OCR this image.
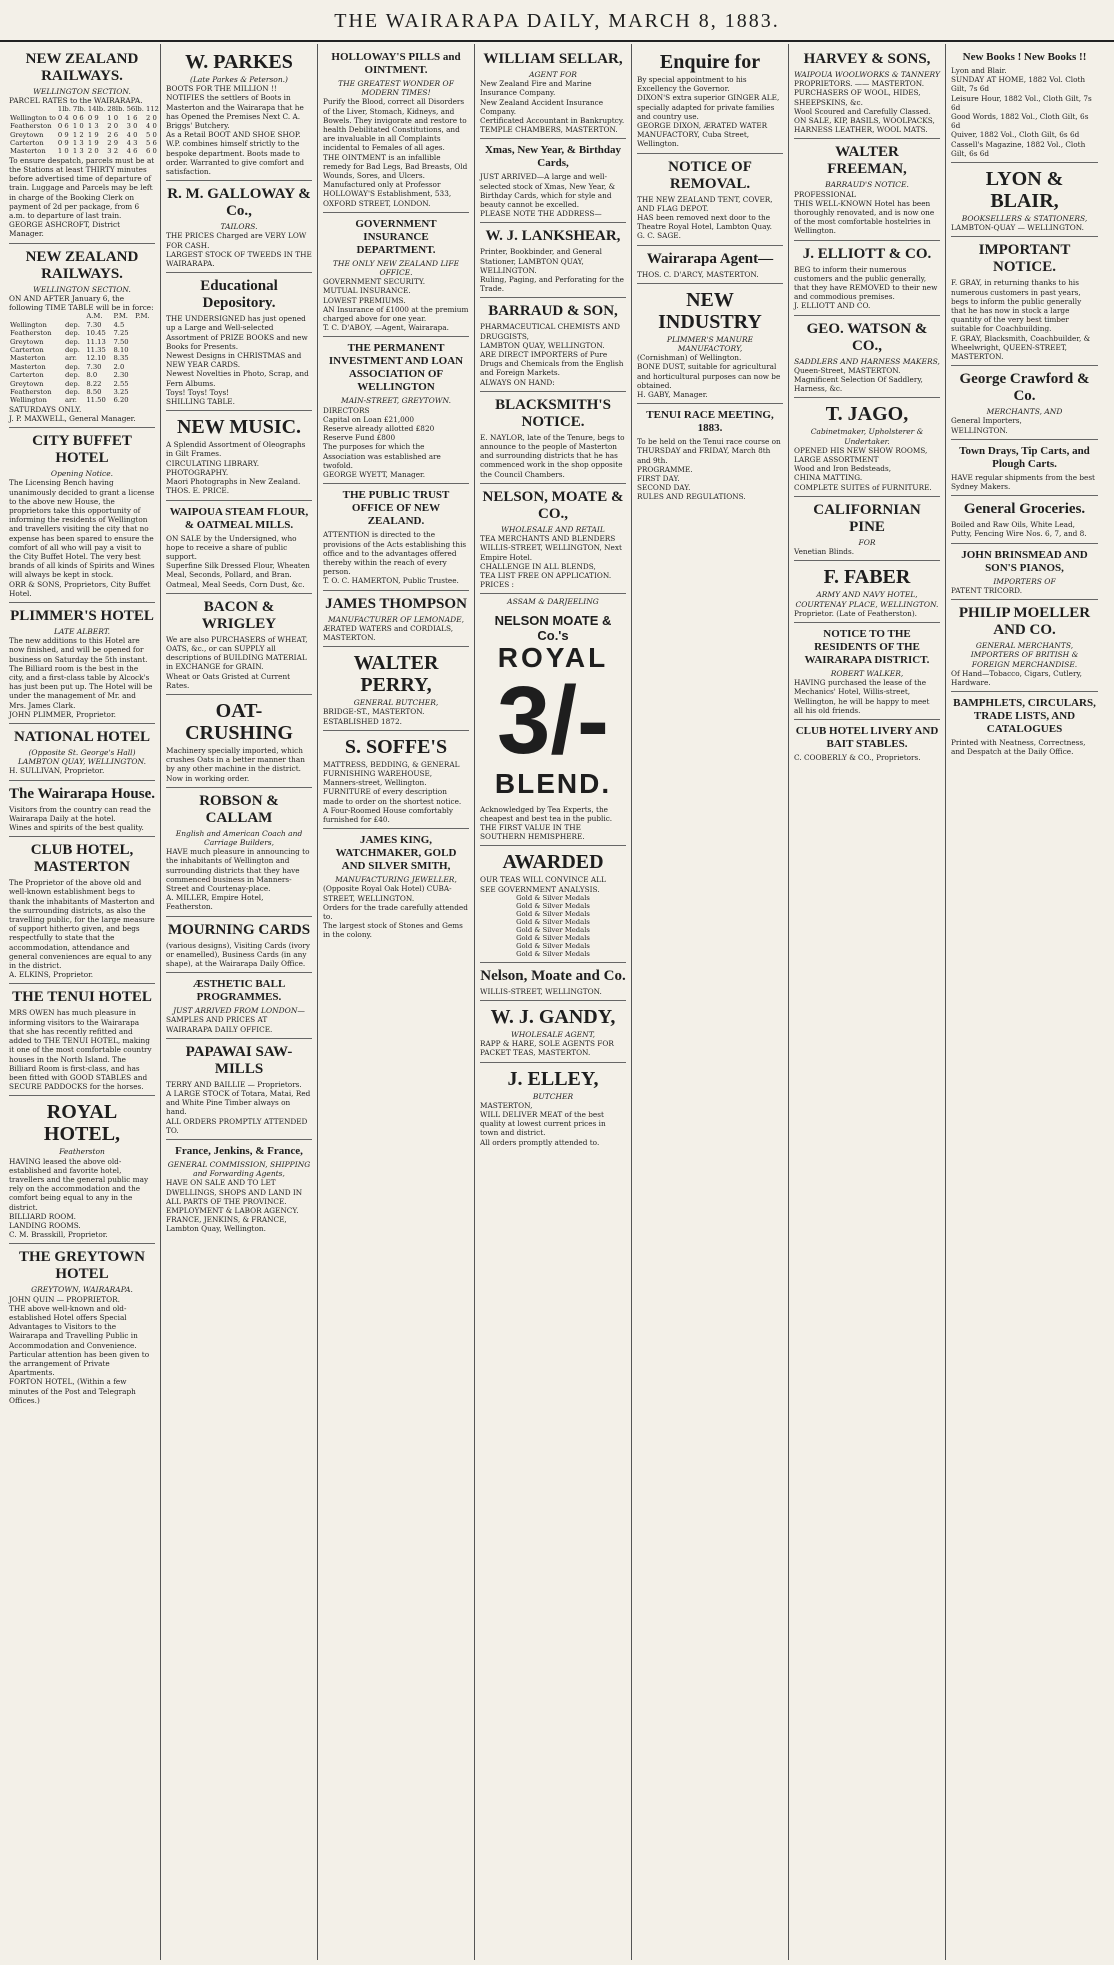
THE WAIRARAPA DAILY, MARCH 8, 1883.
NEW ZEALAND RAILWAYS.
WELLINGTON SECTION.
PARCEL RATES to the WAIRARAPA.
	1lb.	7lb.	14lb.	28lb.	56lb.	112
Wellington to	0 4	0 6	0 9	1 0	1 6	2 0
Featherston	0 6	1 0	1 3	2 0	3 0	4 0
Greytown	0 9	1 2	1 9	2 6	4 0	5 0
Carterton	0 9	1 3	1 9	2 9	4 3	5 6
Masterton	1 0	1 3	2 0	3 2	4 6	6 0
To ensure despatch, parcels must be at the Stations at least THIRTY minutes before advertised time of departure of train. Luggage and Parcels may be left in charge of the Booking Clerk on payment of 2d per package, from 6 a.m. to departure of last train.
GEORGE ASHCROFT, District Manager.
NEW ZEALAND RAILWAYS.
WELLINGTON SECTION.
ON AND AFTER January 6, the following TIME TABLE will be in force:
		A.M.	P.M.	P.M.
Wellington	dep.	7.30	4.5	
Featherston	dep.	10.45	7.25	
Greytown	dep.	11.13	7.50	
Carterton	dep.	11.35	8.10	
Masterton	arr.	12.10	8.35	
Masterton	dep.	7.30	2.0	
Carterton	dep.	8.0	2.30	
Greytown	dep.	8.22	2.55	
Featherston	dep.	8.50	3.25	
Wellington	arr.	11.50	6.20	
SATURDAYS ONLY.
J. P. MAXWELL, General Manager.
CITY BUFFET HOTEL
Opening Notice.
The Licensing Bench having unanimously decided to grant a license to the above new House, the proprietors take this opportunity of informing the residents of Wellington and travellers visiting the city that no expense has been spared to ensure the comfort of all who will pay a visit to the City Buffet Hotel. The very best brands of all kinds of Spirits and Wines will always be kept in stock.
ORR & SONS, Proprietors, City Buffet Hotel.
PLIMMER'S HOTEL
LATE ALBERT.
The new additions to this Hotel are now finished, and will be opened for business on Saturday the 5th instant.
The Billiard room is the best in the city, and a first-class table by Alcock's has just been put up. The Hotel will be under the management of Mr. and Mrs. James Clark.
JOHN PLIMMER, Proprietor.
NATIONAL HOTEL
(Opposite St. George's Hall) LAMBTON QUAY, WELLINGTON.
H. SULLIVAN, Proprietor.
The Wairarapa House.
Visitors from the country can read the Wairarapa Daily at the hotel.
Wines and spirits of the best quality.
CLUB HOTEL, MASTERTON
The Proprietor of the above old and well-known establishment begs to thank the inhabitants of Masterton and the surrounding districts, as also the travelling public, for the large measure of support hitherto given, and begs respectfully to state that the accommodation, attendance and general conveniences are equal to any in the district.
A. ELKINS, Proprietor.
THE TENUI HOTEL
MRS OWEN has much pleasure in informing visitors to the Wairarapa that she has recently refitted and added to THE TENUI HOTEL, making it one of the most comfortable country houses in the North Island. The Billiard Room is first-class, and has been fitted with GOOD STABLES and SECURE PADDOCKS for the horses.
ROYAL HOTEL,
Featherston
HAVING leased the above old-established and favorite hotel, travellers and the general public may rely on the accommodation and the comfort being equal to any in the district.
BILLIARD ROOM.
LANDING ROOMS.
C. M. Brasskill, Proprietor.
THE GREYTOWN HOTEL
GREYTOWN, WAIRARAPA.
JOHN QUIN — PROPRIETOR.
THE above well-known and old-established Hotel offers Special Advantages to Visitors to the Wairarapa and Travelling Public in Accommodation and Convenience. Particular attention has been given to the arrangement of Private Apartments.
FORTON HOTEL, (Within a few minutes of the Post and Telegraph Offices.)
W. PARKES
(Late Parkes & Peterson.)
BOOTS FOR THE MILLION !!
NOTIFIES the settlers of Boots in Masterton and the Wairarapa that he has Opened the Premises Next C. A. Briggs' Butchery.
As a Retail BOOT AND SHOE SHOP.
W.P. combines himself strictly to the bespoke department. Boots made to order. Warranted to give comfort and satisfaction.
R. M. GALLOWAY & Co.,
TAILORS.
THE PRICES Charged are VERY LOW FOR CASH.
LARGEST STOCK OF TWEEDS IN THE WAIRARAPA.
Educational Depository.
THE UNDERSIGNED has just opened up a Large and Well-selected Assortment of PRIZE BOOKS and new Books for Presents.
Newest Designs in CHRISTMAS and NEW YEAR CARDS.
Newest Novelties in Photo, Scrap, and Fern Albums.
Toys! Toys! Toys!
SHILLING TABLE.
NEW MUSIC.
A Splendid Assortment of Oleographs in Gilt Frames.
CIRCULATING LIBRARY.
PHOTOGRAPHY.
Maori Photographs in New Zealand.
THOS. E. PRICE.
WAIPOUA STEAM FLOUR, & OATMEAL MILLS.
ON SALE by the Undersigned, who hope to receive a share of public support.
Superfine Silk Dressed Flour, Wheaten Meal, Seconds, Pollard, and Bran. Oatmeal, Meal Seeds, Corn Dust, &c.
BACON & WRIGLEY
We are also PURCHASERS of WHEAT, OATS, &c., or can SUPPLY all descriptions of BUILDING MATERIAL in EXCHANGE for GRAIN.
Wheat or Oats Gristed at Current Rates.
OAT-CRUSHING
Machinery specially imported, which crushes Oats in a better manner than by any other machine in the district. Now in working order.
ROBSON & CALLAM
English and American Coach and Carriage Builders,
HAVE much pleasure in announcing to the inhabitants of Wellington and surrounding districts that they have commenced business in Manners-Street and Courtenay-place.
A. MILLER, Empire Hotel, Featherston.
MOURNING CARDS
(various designs), Visiting Cards (ivory or enamelled), Business Cards (in any shape), at the Wairarapa Daily Office.
ÆSTHETIC BALL PROGRAMMES.
JUST ARRIVED FROM LONDON—
SAMPLES AND PRICES AT WAIRARAPA DAILY OFFICE.
PAPAWAI SAW-MILLS
TERRY AND BAILLIE — Proprietors.
A LARGE STOCK of Totara, Matai, Red and White Pine Timber always on hand.
ALL ORDERS PROMPTLY ATTENDED TO.
France, Jenkins, & France,
GENERAL COMMISSION, SHIPPING and Forwarding Agents,
HAVE ON SALE AND TO LET DWELLINGS, SHOPS AND LAND IN ALL PARTS OF THE PROVINCE.
EMPLOYMENT & LABOR AGENCY.
FRANCE, JENKINS, & FRANCE, Lambton Quay, Wellington.
HOLLOWAY'S PILLS and OINTMENT.
THE GREATEST WONDER OF MODERN TIMES!
Purify the Blood, correct all Disorders of the Liver, Stomach, Kidneys, and Bowels. They invigorate and restore to health Debilitated Constitutions, and are invaluable in all Complaints incidental to Females of all ages.
THE OINTMENT is an infallible remedy for Bad Legs, Bad Breasts, Old Wounds, Sores, and Ulcers.
Manufactured only at Professor HOLLOWAY'S Establishment, 533, OXFORD STREET, LONDON.
GOVERNMENT INSURANCE DEPARTMENT.
THE ONLY NEW ZEALAND LIFE OFFICE.
GOVERNMENT SECURITY.
MUTUAL INSURANCE.
LOWEST PREMIUMS.
AN Insurance of £1000 at the premium charged above for one year.
T. C. D'ABOY, —Agent, Wairarapa.
THE PERMANENT INVESTMENT AND LOAN ASSOCIATION OF WELLINGTON
MAIN-STREET, GREYTOWN.
DIRECTORS
Capital on Loan £21,000
Reserve already allotted £820
Reserve Fund £800
The purposes for which the Association was established are twofold.
GEORGE WYETT, Manager.
THE PUBLIC TRUST OFFICE OF NEW ZEALAND.
ATTENTION is directed to the provisions of the Acts establishing this office and to the advantages offered thereby within the reach of every person.
T. O. C. HAMERTON, Public Trustee.
JAMES THOMPSON
MANUFACTURER OF LEMONADE,
ÆRATED WATERS and CORDIALS, MASTERTON.
WALTER PERRY,
GENERAL BUTCHER,
BRIDGE-ST., MASTERTON.
ESTABLISHED 1872.
S. SOFFE'S
MATTRESS, BEDDING, & GENERAL FURNISHING WAREHOUSE, Manners-street, Wellington.
FURNITURE of every description made to order on the shortest notice.
A Four-Roomed House comfortably furnished for £40.
JAMES KING, WATCHMAKER, GOLD AND SILVER SMITH,
MANUFACTURING JEWELLER,
(Opposite Royal Oak Hotel) CUBA-STREET, WELLINGTON.
Orders for the trade carefully attended to.
The largest stock of Stones and Gems in the colony.
WILLIAM SELLAR,
AGENT FOR
New Zealand Fire and Marine Insurance Company.
New Zealand Accident Insurance Company.
Certificated Accountant in Bankruptcy.
TEMPLE CHAMBERS, MASTERTON.
Xmas, New Year, & Birthday Cards,
JUST ARRIVED—A large and well-selected stock of Xmas, New Year, & Birthday Cards, which for style and beauty cannot be excelled.
PLEASE NOTE THE ADDRESS—
W. J. LANKSHEAR,
Printer, Bookbinder, and General Stationer, LAMBTON QUAY, WELLINGTON.
Ruling, Paging, and Perforating for the Trade.
BARRAUD & SON,
PHARMACEUTICAL CHEMISTS AND DRUGGISTS,
LAMBTON QUAY, WELLINGTON.
ARE DIRECT IMPORTERS of Pure Drugs and Chemicals from the English and Foreign Markets.
ALWAYS ON HAND:
BLACKSMITH'S NOTICE.
E. NAYLOR, late of the Tenure, begs to announce to the people of Masterton and surrounding districts that he has commenced work in the shop opposite the Council Chambers.
NELSON, MOATE & CO.,
WHOLESALE AND RETAIL
TEA MERCHANTS AND BLENDERS
WILLIS-STREET, WELLINGTON, Next Empire Hotel.
CHALLENGE IN ALL BLENDS,
TEA LIST FREE ON APPLICATION.
PRICES :
ASSAM & DARJEELING
NELSON MOATE & Co.'s
ROYAL
3/-
BLEND.
Acknowledged by Tea Experts, the cheapest and best tea in the public.
THE FIRST VALUE IN THE SOUTHERN HEMISPHERE.
AWARDED
OUR TEAS WILL CONVINCE ALL
SEE GOVERNMENT ANALYSIS.
Gold & Silver Medals
Gold & Silver Medals
Gold & Silver Medals
Gold & Silver Medals
Gold & Silver Medals
Gold & Silver Medals
Gold & Silver Medals
Gold & Silver Medals
Nelson, Moate and Co.
WILLIS-STREET, WELLINGTON.
W. J. GANDY,
WHOLESALE AGENT,
RAPP & HARE, SOLE AGENTS FOR PACKET TEAS, MASTERTON.
J. ELLEY,
BUTCHER
MASTERTON,
WILL DELIVER MEAT of the best quality at lowest current prices in town and district.
All orders promptly attended to.
Enquire for
By special appointment to his Excellency the Governor.
DIXON'S extra superior GINGER ALE, specially adapted for private families and country use.
GEORGE DIXON, ÆRATED WATER MANUFACTORY, Cuba Street, Wellington.
NOTICE OF REMOVAL.
THE NEW ZEALAND TENT, COVER, AND FLAG DEPOT.
HAS been removed next door to the Theatre Royal Hotel, Lambton Quay.
G. C. SAGE.
Wairarapa Agent—
THOS. C. D'ARCY, MASTERTON.
NEW INDUSTRY
PLIMMER'S MANURE MANUFACTORY,
(Cornishman) of Wellington.
BONE DUST, suitable for agricultural and horticultural purposes can now be obtained.
H. GABY, Manager.
TENUI RACE MEETING, 1883.
To be held on the Tenui race course on THURSDAY and FRIDAY, March 8th and 9th.
PROGRAMME.
FIRST DAY.
SECOND DAY.
RULES AND REGULATIONS.
HARVEY & SONS,
WAIPOUA WOOLWORKS & TANNERY
PROPRIETORS. —— MASTERTON.
PURCHASERS OF WOOL, HIDES, SHEEPSKINS, &c.
Wool Scoured and Carefully Classed.
ON SALE, KIP, BASILS, WOOLPACKS, HARNESS LEATHER, WOOL MATS.
WALTER FREEMAN,
BARRAUD'S NOTICE.
PROFESSIONAL
THIS WELL-KNOWN Hotel has been thoroughly renovated, and is now one of the most comfortable hostelries in Wellington.
J. ELLIOTT & CO.
BEG to inform their numerous customers and the public generally, that they have REMOVED to their new and commodious premises.
J. ELLIOTT AND CO.
GEO. WATSON & CO.,
SADDLERS AND HARNESS MAKERS,
Queen-Street, MASTERTON.
Magnificent Selection Of Saddlery, Harness, &c.
T. JAGO,
Cabinetmaker, Upholsterer & Undertaker.
OPENED HIS NEW SHOW ROOMS,
LARGE ASSORTMENT
Wood and Iron Bedsteads,
CHINA MATTING.
COMPLETE SUITES of FURNITURE.
CALIFORNIAN PINE
FOR
Venetian Blinds.
F. FABER
ARMY AND NAVY HOTEL, COURTENAY PLACE, WELLINGTON.
Proprietor. (Late of Featherston).
NOTICE TO THE RESIDENTS OF THE WAIRARAPA DISTRICT.
ROBERT WALKER,
HAVING purchased the lease of the Mechanics' Hotel, Willis-street, Wellington, he will be happy to meet all his old friends.
CLUB HOTEL LIVERY AND BAIT STABLES.
C. COOBERLY & CO., Proprietors.
New Books ! New Books !!
Lyon and Blair.
SUNDAY AT HOME, 1882 Vol. Cloth Gilt, 7s 6d
Leisure Hour, 1882 Vol., Cloth Gilt, 7s 6d
Good Words, 1882 Vol., Cloth Gilt, 6s 6d
Quiver, 1882 Vol., Cloth Gilt, 6s 6d
Cassell's Magazine, 1882 Vol., Cloth Gilt, 6s 6d
LYON & BLAIR,
BOOKSELLERS & STATIONERS,
LAMBTON-QUAY — WELLINGTON.
IMPORTANT NOTICE.
F. GRAY, in returning thanks to his numerous customers in past years, begs to inform the public generally that he has now in stock a large quantity of the very best timber suitable for Coachbuilding.
F. GRAY, Blacksmith, Coachbuilder, & Wheelwright, QUEEN-STREET, MASTERTON.
George Crawford & Co.
MERCHANTS, AND
General Importers,
WELLINGTON.
Town Drays, Tip Carts, and Plough Carts.
HAVE regular shipments from the best Sydney Makers.
General Groceries.
Boiled and Raw Oils, White Lead, Putty, Fencing Wire Nos. 6, 7, and 8.
JOHN BRINSMEAD AND SON'S PIANOS,
IMPORTERS OF
PATENT TRICORD.
PHILIP MOELLER AND CO.
GENERAL MERCHANTS, IMPORTERS OF BRITISH & FOREIGN MERCHANDISE.
Of Hand—Tobacco, Cigars, Cutlery, Hardware.
BAMPHLETS, CIRCULARS, TRADE LISTS, AND CATALOGUES
Printed with Neatness, Correctness, and Despatch at the Daily Office.
